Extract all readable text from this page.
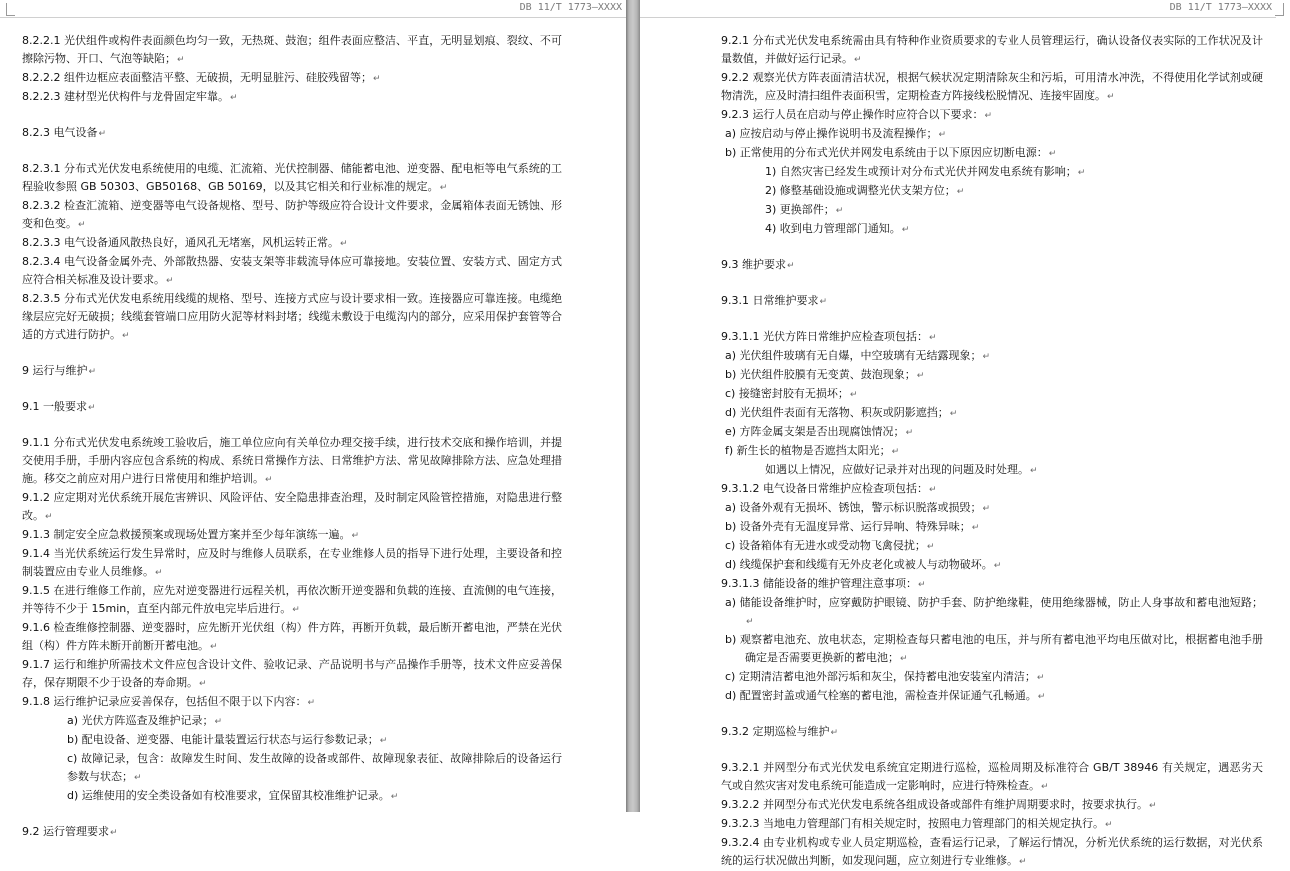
DB 11/T 1773—XXXX

8.2.2.1 光伏组件或构件表面颜色均匀一致，无热斑、鼓泡；组件表面应整洁、平直，无明显划痕、裂纹、不可擦除污物、开口、气泡等缺陷；↵

8.2.2.2 组件边框应表面整洁平整、无破损，无明显脏污、硅胶残留等；↵

8.2.2.3 建材型光伏构件与龙骨固定牢靠。↵

8.2.3 电气设备↵

8.2.3.1 分布式光伏发电系统使用的电缆、汇流箱、光伏控制器、储能蓄电池、逆变器、配电柜等电气系统的工程验收参照 GB 50303、GB50168、GB 50169，以及其它相关和行业标准的规定。↵

8.2.3.2 检查汇流箱、逆变器等电气设备规格、型号、防护等级应符合设计文件要求，金属箱体表面无锈蚀、形变和色变。↵

8.2.3.3 电气设备通风散热良好，通风孔无堵塞，风机运转正常。↵

8.2.3.4 电气设备金属外壳、外部散热器、安装支架等非载流导体应可靠接地。安装位置、安装方式、固定方式应符合相关标准及设计要求。↵

8.2.3.5 分布式光伏发电系统用线缆的规格、型号、连接方式应与设计要求相一致。连接器应可靠连接。电缆绝缘层应完好无破损；线缆套管端口应用防火泥等材料封堵；线缆未敷设于电缆沟内的部分，应采用保护套管等合适的方式进行防护。↵

9 运行与维护↵

9.1 一般要求↵

9.1.1 分布式光伏发电系统竣工验收后，施工单位应向有关单位办理交接手续，进行技术交底和操作培训，并提交使用手册，手册内容应包含系统的构成、系统日常操作方法、日常维护方法、常见故障排除方法、应急处理措施。移交之前应对用户进行日常使用和维护培训。↵

9.1.2 应定期对光伏系统开展危害辨识、风险评估、安全隐患排查治理，及时制定风险管控措施，对隐患进行整改。↵

9.1.3 制定安全应急救援预案或现场处置方案并至少每年演练一遍。↵

9.1.4 当光伏系统运行发生异常时，应及时与维修人员联系，在专业维修人员的指导下进行处理，主要设备和控制装置应由专业人员维修。↵

9.1.5 在进行维修工作前，应先对逆变器进行远程关机，再依次断开逆变器和负载的连接、直流侧的电气连接，并等待不少于 15min，直至内部元件放电完毕后进行。↵

9.1.6 检查维修控制器、逆变器时，应先断开光伏组（构）件方阵，再断开负载，最后断开蓄电池，严禁在光伏组（构）件方阵未断开前断开蓄电池。↵

9.1.7 运行和维护所需技术文件应包含设计文件、验收记录、产品说明书与产品操作手册等，技术文件应妥善保存，保存期限不少于设备的寿命期。↵

9.1.8 运行维护记录应妥善保存，包括但不限于以下内容：↵

a) 光伏方阵巡查及维护记录；↵

b) 配电设备、逆变器、电能计量装置运行状态与运行参数记录；↵

c) 故障记录，包含：故障发生时间、发生故障的设备或部件、故障现象表征、故障排除后的设备运行参数与状态；↵

d) 运维使用的安全类设备如有校准要求，宜保留其校准维护记录。↵

9.2 运行管理要求↵

DB 11/T 1773—XXXX

9.2.1 分布式光伏发电系统需由具有特种作业资质要求的专业人员管理运行，确认设备仪表实际的工作状况及计量数值，并做好运行记录。↵

9.2.2 观察光伏方阵表面清洁状况，根据气候状况定期清除灰尘和污垢，可用清水冲洗，不得使用化学试剂或硬物清洗，应及时清扫组件表面积雪，定期检查方阵接线松脱情况、连接牢固度。↵

9.2.3 运行人员在启动与停止操作时应符合以下要求：↵

a) 应按启动与停止操作说明书及流程操作；↵

b) 正常使用的分布式光伏并网发电系统由于以下原因应切断电源：↵

1) 自然灾害已经发生或预计对分布式光伏并网发电系统有影响；↵

2) 修整基础设施或调整光伏支架方位；↵

3) 更换部件；↵

4) 收到电力管理部门通知。↵

9.3 维护要求↵

9.3.1 日常维护要求↵

9.3.1.1 光伏方阵日常维护应检查项包括：↵

a) 光伏组件玻璃有无自爆，中空玻璃有无结露现象；↵

b) 光伏组件胶膜有无变黄、鼓泡现象；↵

c) 接缝密封胶有无损坏；↵

d) 光伏组件表面有无落物、积灰或阴影遮挡；↵

e) 方阵金属支架是否出现腐蚀情况；↵

f) 新生长的植物是否遮挡太阳光；↵

如遇以上情况，应做好记录并对出现的问题及时处理。↵

9.3.1.2 电气设备日常维护应检查项包括：↵

a) 设备外观有无损坏、锈蚀，警示标识脱落或损毁；↵

b) 设备外壳有无温度异常、运行异响、特殊异味；↵

c) 设备箱体有无进水或受动物飞禽侵扰；↵

d) 线缆保护套和线缆有无外皮老化或被人与动物破坏。↵

9.3.1.3 储能设备的维护管理注意事项：↵

a) 储能设备维护时，应穿戴防护眼镜、防护手套、防护绝缘鞋，使用绝缘器械，防止人身事故和蓄电池短路；↵

b) 观察蓄电池充、放电状态，定期检查每只蓄电池的电压，并与所有蓄电池平均电压做对比，根据蓄电池手册确定是否需要更换新的蓄电池；↵

c) 定期清洁蓄电池外部污垢和灰尘，保持蓄电池安装室内清洁；↵

d) 配置密封盖或通气栓塞的蓄电池，需检查并保证通气孔畅通。↵

9.3.2 定期巡检与维护↵

9.3.2.1 并网型分布式光伏发电系统宜定期进行巡检，巡检周期及标准符合 GB/T 38946 有关规定，遇恶劣天气或自然灾害对发电系统可能造成一定影响时，应进行特殊检查。↵

9.3.2.2 并网型分布式光伏发电系统各组成设备或部件有维护周期要求时，按要求执行。↵

9.3.2.3 当地电力管理部门有相关规定时，按照电力管理部门的相关规定执行。↵

9.3.2.4 由专业机构或专业人员定期巡检，查看运行记录，了解运行情况，分析光伏系统的运行数据，对光伏系统的运行状况做出判断，如发现问题，应立刻进行专业维修。↵
